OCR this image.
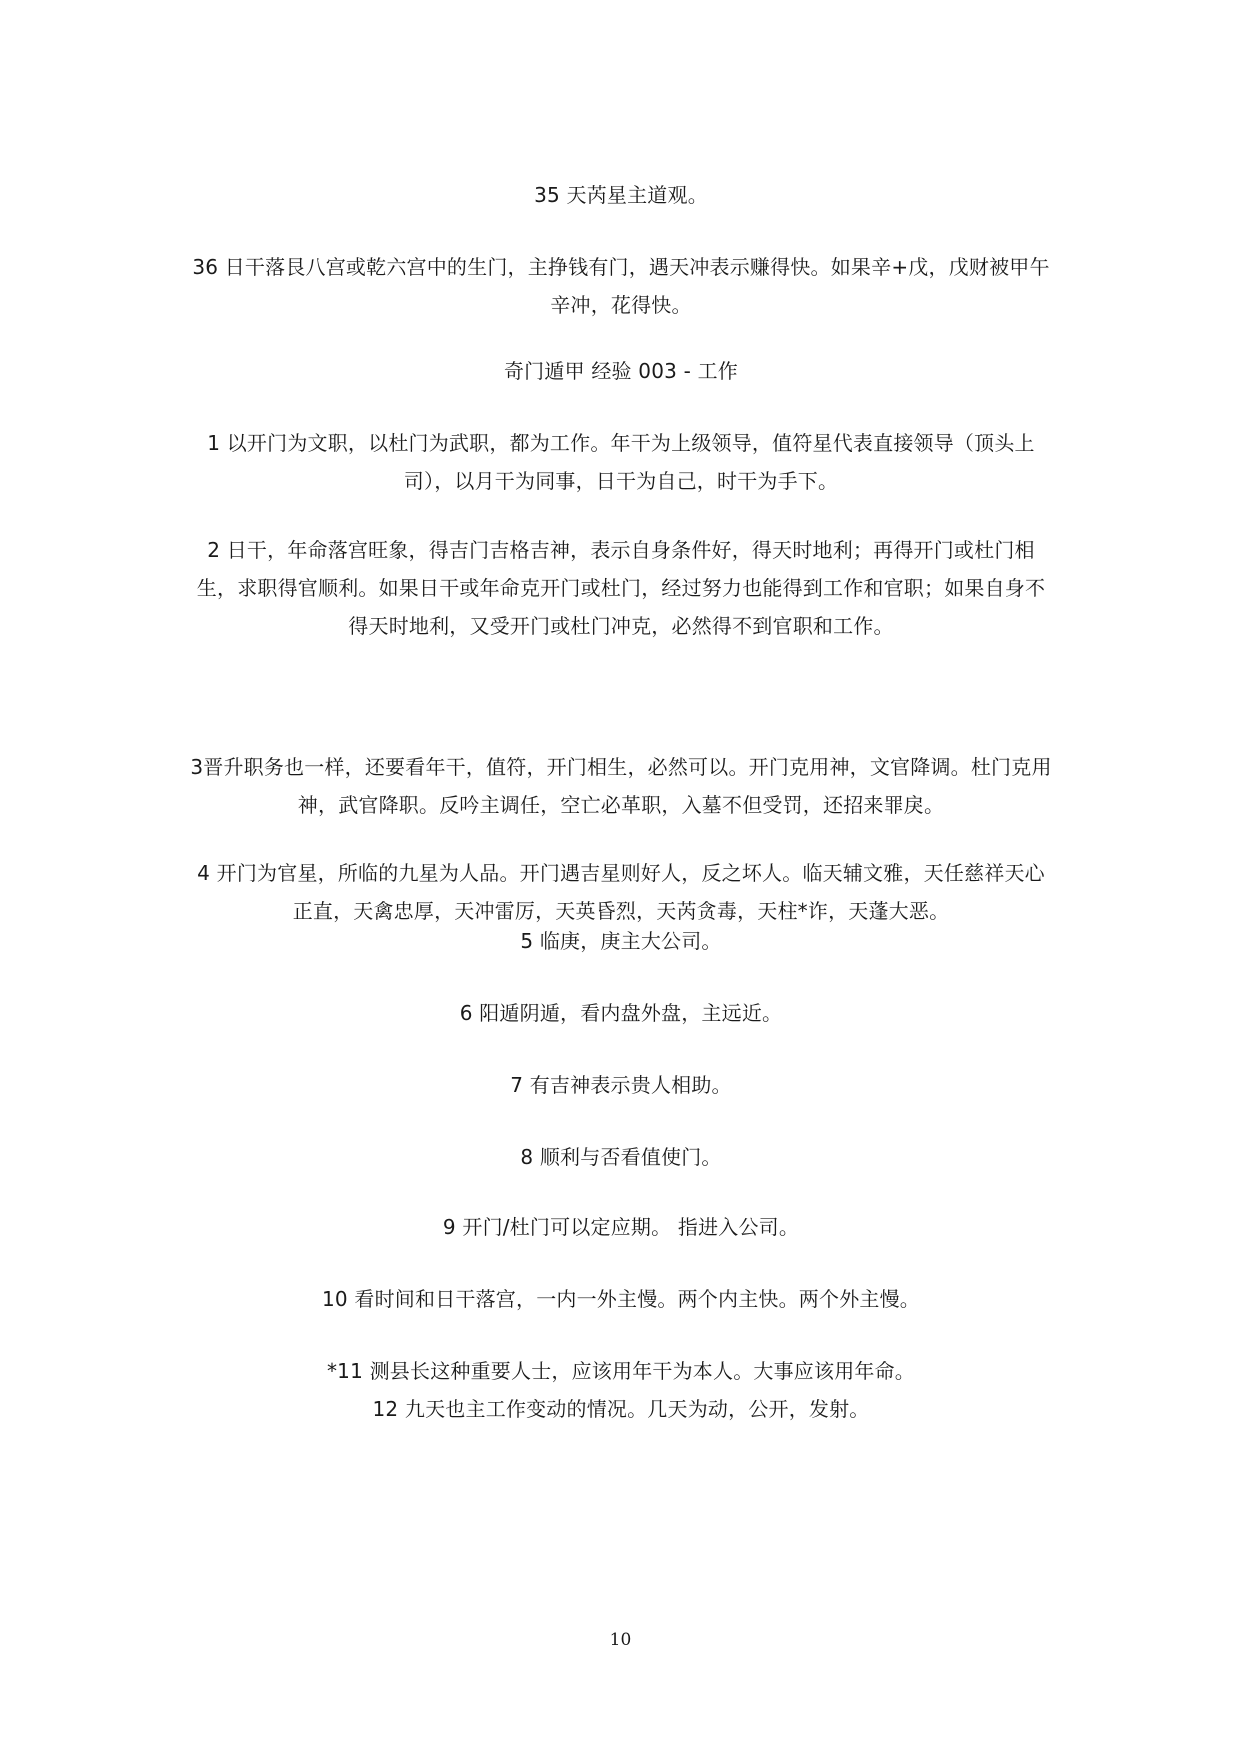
35 天芮星主道观。
36 日干落艮八宫或乾六宫中的生门，主挣钱有门，遇天冲表示赚得快。如果辛+戊，戊财被甲午辛冲，花得快。
奇门遁甲 经验 003 - 工作
1 以开门为文职，以杜门为武职，都为工作。年干为上级领导，值符星代表直接领导（顶头上司），以月干为同事，日干为自己，时干为手下。
2 日干，年命落宫旺象，得吉门吉格吉神，表示自身条件好，得天时地利；再得开门或杜门相生，求职得官顺利。如果日干或年命克开门或杜门，经过努力也能得到工作和官职；如果自身不得天时地利，又受开门或杜门冲克，必然得不到官职和工作。
3晋升职务也一样，还要看年干，值符，开门相生，必然可以。开门克用神，文官降调。杜门克用神，武官降职。反吟主调任，空亡必革职，入墓不但受罚，还招来罪戾。
4 开门为官星，所临的九星为人品。开门遇吉星则好人，反之坏人。临天辅文雅，天任慈祥天心正直，天禽忠厚，天冲雷厉，天英昏烈，天芮贪毒，天柱*诈，天蓬大恶。
5 临庚，庚主大公司。
6 阳遁阴遁，看内盘外盘，主远近。
7 有吉神表示贵人相助。
8 顺利与否看值使门。
9 开门/杜门可以定应期。 指进入公司。
10 看时间和日干落宫，一内一外主慢。两个内主快。两个外主慢。
*11 测县长这种重要人士，应该用年干为本人。大事应该用年命。
12 九天也主工作变动的情况。几天为动，公开，发射。
10
